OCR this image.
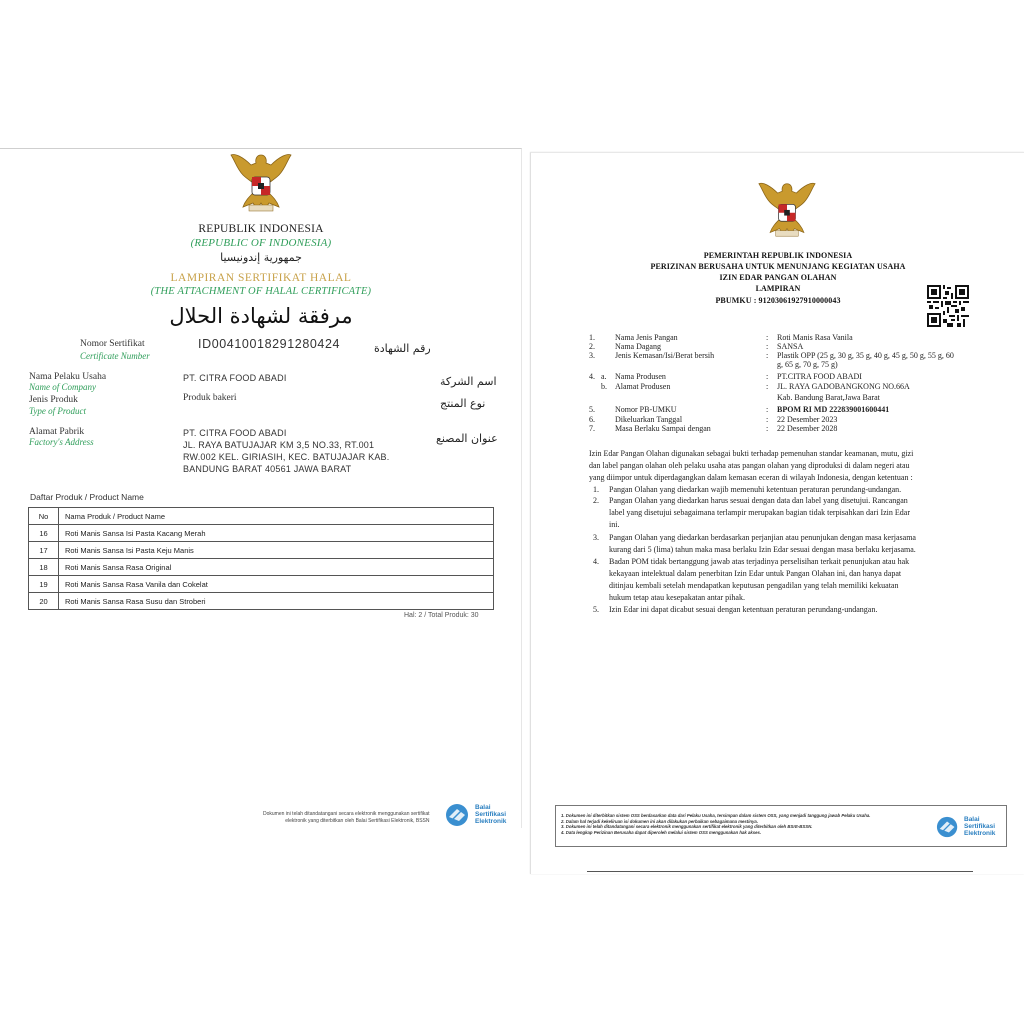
REPUBLIK INDONESIA
(REPUBLIC OF INDONESIA)
جمهورية إندونيسيا
LAMPIRAN SERTIFIKAT HALAL
(THE ATTACHMENT OF HALAL CERTIFICATE)
مرفقة لشهادة الحلال
Nomor Sertifikat
Certificate Number
ID00410018291280424	رقم الشهادة
Nama Pelaku Usaha
Name of Company
PT. CITRA FOOD ABADI	اسم الشركة
Jenis Produk
Type of Product
Produk bakeri	نوع المنتج
Alamat Pabrik
Factory's Address
PT. CITRA FOOD ABADI
JL. RAYA BATUJAJAR KM 3,5 NO.33, RT.001
RW.002 KEL. GIRIASIH, KEC. BATUJAJAR KAB.
BANDUNG BARAT 40561 JAWA BARAT
عنوان المصنع
Daftar Produk / Product Name
No	Nama Produk / Product Name
16	Roti Manis Sansa Isi Pasta Kacang Merah
17	Roti Manis Sansa Isi Pasta Keju Manis
18	Roti Manis Sansa Rasa Original
19	Roti Manis Sansa Rasa Vanila dan Cokelat
20	Roti Manis Sansa Rasa Susu dan Stroberi
Hal: 2 / Total Produk: 30
Dokumen ini telah ditandatangani secara elektronik menggunakan sertifikat
elektronik yang diterbitkan oleh Balai Sertifikasi Elektronik, BSSN
Balai
Sertifikasi
Elektronik
PEMERINTAH REPUBLIK INDONESIA
PERIZINAN BERUSAHA UNTUK MENUNJANG KEGIATAN USAHA
IZIN EDAR PANGAN OLAHAN
LAMPIRAN
PBUMKU : 91203061927910000043
1.	Nama Jenis Pangan	: Roti Manis Rasa Vanila
2.	Nama Dagang	: SANSA
3.	Jenis Kemasan/Isi/Berat bersih	: Plastik OPP (25 g, 30 g, 35 g, 40 g, 45 g, 50 g, 55 g, 60
g, 65 g, 70 g, 75 g)
4. a. Nama Produsen	: PT.CITRA FOOD ABADI
b. Alamat Produsen	: JL. RAYA GADOBANGKONG NO.66A
Kab. Bandung Barat,Jawa Barat
5.	Nomor PB-UMKU	: BPOM RI MD 222839001600441
6.	Dikeluarkan Tanggal	: 22 Desember 2023
7.	Masa Berlaku Sampai dengan	: 22 Desember 2028
Izin Edar Pangan Olahan digunakan sebagai bukti terhadap pemenuhan standar keamanan, mutu, gizi
dan label pangan olahan oleh pelaku usaha atas pangan olahan yang diproduksi di dalam negeri atau
yang diimpor untuk diperdagangkan dalam kemasan eceran di wilayah Indonesia, dengan ketentuan :
1. Pangan Olahan yang diedarkan wajib memenuhi ketentuan peraturan perundang-undangan.
2. Pangan Olahan yang diedarkan harus sesuai dengan data dan label yang disetujui. Rancangan
label yang disetujui sebagaimana terlampir merupakan bagian tidak terpisahkan dari Izin Edar
ini.
3. Pangan Olahan yang diedarkan berdasarkan perjanjian atau penunjukan dengan masa kerjasama
kurang dari 5 (lima) tahun maka masa berlaku Izin Edar sesuai dengan masa berlaku kerjasama.
4. Badan POM tidak bertanggung jawab atas terjadinya perselisihan terkait penunjukan atau hak
kekayaan intelektual dalam penerbitan Izin Edar untuk Pangan Olahan ini, dan hanya dapat
ditinjau kembali setelah mendapatkan keputusan pengadilan yang telah memiliki kekuatan
hukum tetap atau kesepakatan antar pihak.
5. Izin Edar ini dapat dicabut sesuai dengan ketentuan peraturan perundang-undangan.
1. Dokumen ini diterbitkan sistem OSS berdasarkan data dari Pelaku Usaha, tersimpan dalam sistem OSS, yang menjadi tanggung jawab Pelaku Usaha.
2. Dalam hal terjadi kekeliruan isi dokumen ini akan dilakukan perbaikan sebagaimana mestinya.
3. Dokumen ini telah ditandatangani secara elektronik menggunakan sertifikat elektronik yang diterbitkan oleh BSrE-BSSN.
4. Data lengkap Perizinan Berusaha dapat diperoleh melalui sistem OSS menggunakan hak akses.
Balai
Sertifikasi
Elektronik
